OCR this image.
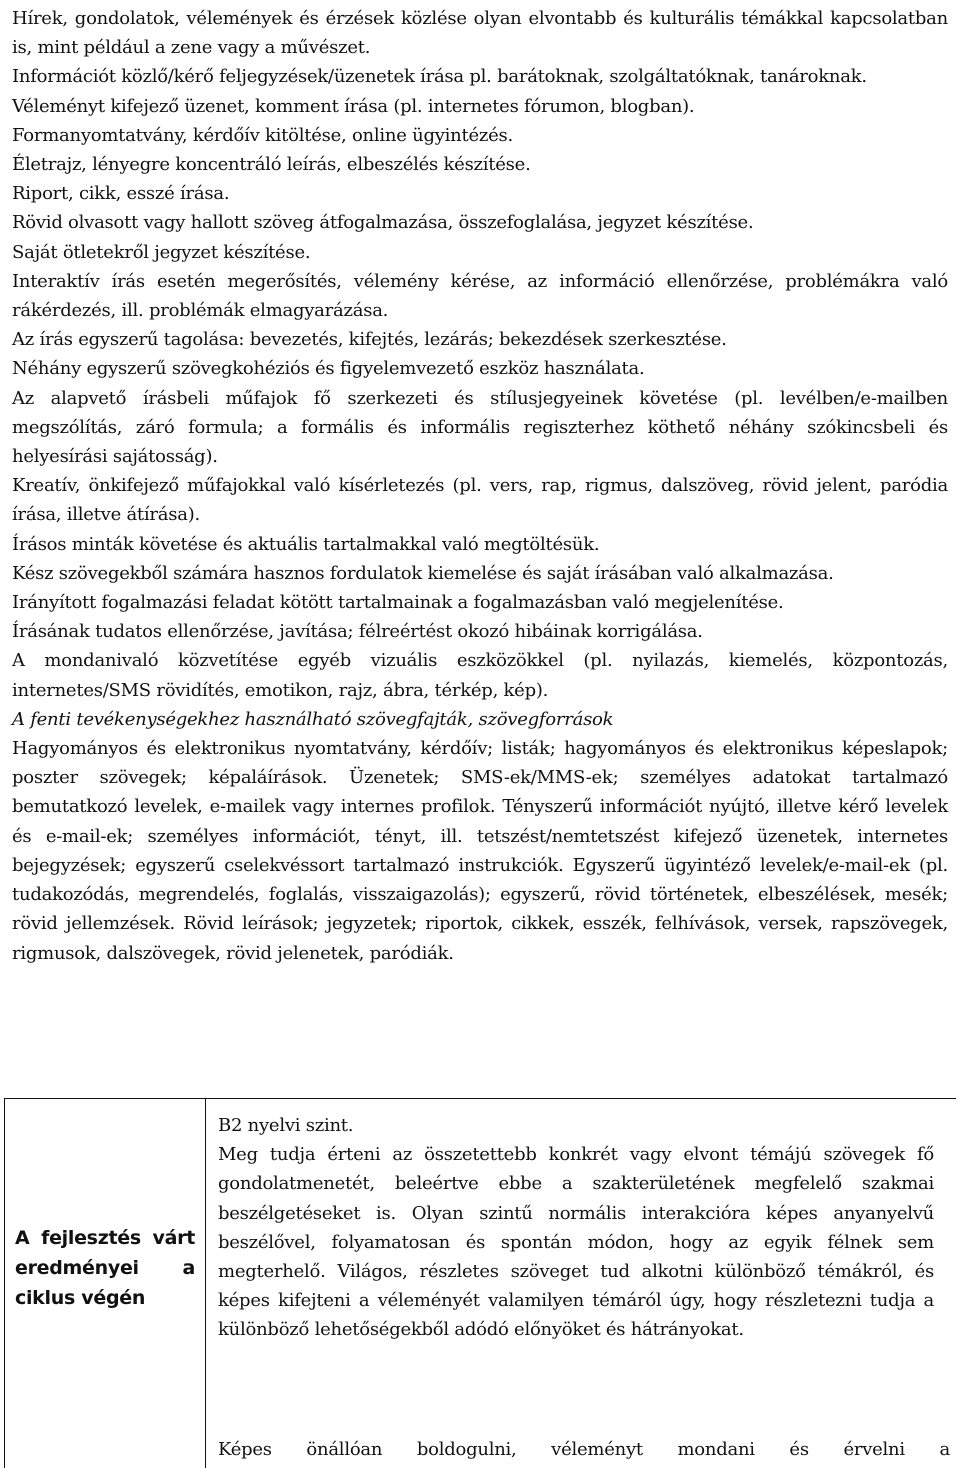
Hírek, gondolatok, vélemények és érzések közlése olyan elvontabb és kulturális témákkal kapcsolatban is, mint például a zene vagy a művészet.

Információt közlő/kérő feljegyzések/üzenetek írása pl. barátoknak, szolgáltatóknak, tanároknak.

Véleményt kifejező üzenet, komment írása (pl. internetes fórumon, blogban).

Formanyomtatvány, kérdőív kitöltése, online ügyintézés.

Életrajz, lényegre koncentráló leírás, elbeszélés készítése.

Riport, cikk, esszé írása.

Rövid olvasott vagy hallott szöveg átfogalmazása, összefoglalása, jegyzet készítése.

Saját ötletekről jegyzet készítése.

Interaktív írás esetén megerősítés, vélemény kérése, az információ ellenőrzése, problémákra való rákérdezés, ill. problémák elmagyarázása.

Az írás egyszerű tagolása: bevezetés, kifejtés, lezárás; bekezdések szerkesztése.

Néhány egyszerű szövegkohéziós és figyelemvezető eszköz használata.

Az alapvető írásbeli műfajok fő szerkezeti és stílusjegyeinek követése (pl. levélben/e-mailben megszólítás, záró formula; a formális és informális regiszterhez köthető néhány szókincsbeli és helyesírási sajátosság).

Kreatív, önkifejező műfajokkal való kísérletezés (pl. vers, rap, rigmus, dalszöveg, rövid jelent, paródia írása, illetve átírása).

Írásos minták követése és aktuális tartalmakkal való megtöltésük.

Kész szövegekből számára hasznos fordulatok kiemelése és saját írásában való alkalmazása.

Irányított fogalmazási feladat kötött tartalmainak a fogalmazásban való megjelenítése.

Írásának tudatos ellenőrzése, javítása; félreértést okozó hibáinak korrigálása.

A mondanivaló közvetítése egyéb vizuális eszközökkel (pl. nyilazás, kiemelés, központozás, internetes/SMS rövidítés, emotikon, rajz, ábra, térkép, kép).

A fenti tevékenységekhez használható szövegfajták, szövegforrások

Hagyományos és elektronikus nyomtatvány, kérdőív; listák; hagyományos és elektronikus képeslapok; poszter szövegek; képaláírások. Üzenetek; SMS-ek/MMS-ek; személyes adatokat tartalmazó bemutatkozó levelek, e-mailek vagy internes profilok. Tényszerű információt nyújtó, illetve kérő levelek és e-mail-ek; személyes információt, tényt, ill. tetszést/nemtetszést kifejező üzenetek, internetes bejegyzések; egyszerű cselekvéssort tartalmazó instrukciók. Egyszerű ügyintéző levelek/e-mail-ek (pl. tudakozódás, megrendelés, foglalás, visszaigazolás); egyszerű, rövid történetek, elbeszélések, mesék; rövid jellemzések. Rövid leírások; jegyzetek; riportok, cikkek, esszék, felhívások, versek, rapszövegek, rigmusok, dalszövegek, rövid jelenetek, paródiák.

A fejlesztés várt eredményei a ciklus végén

B2 nyelvi szint.

Meg tudja érteni az összetettebb konkrét vagy elvont témájú szövegek fő gondolatmenetét, beleértve ebbe a szakterületének megfelelő szakmai beszélgetéseket is. Olyan szintű normális interakcióra képes anyanyelvű beszélővel, folyamatosan és spontán módon, hogy az egyik félnek sem megterhelő. Világos, részletes szöveget tud alkotni különböző témákról, és képes kifejteni a véleményét valamilyen témáról úgy, hogy részletezni tudja a különböző lehetőségekből adódó előnyöket és hátrányokat.

Képes önállóan boldogulni, véleményt mondani és érvelni a
